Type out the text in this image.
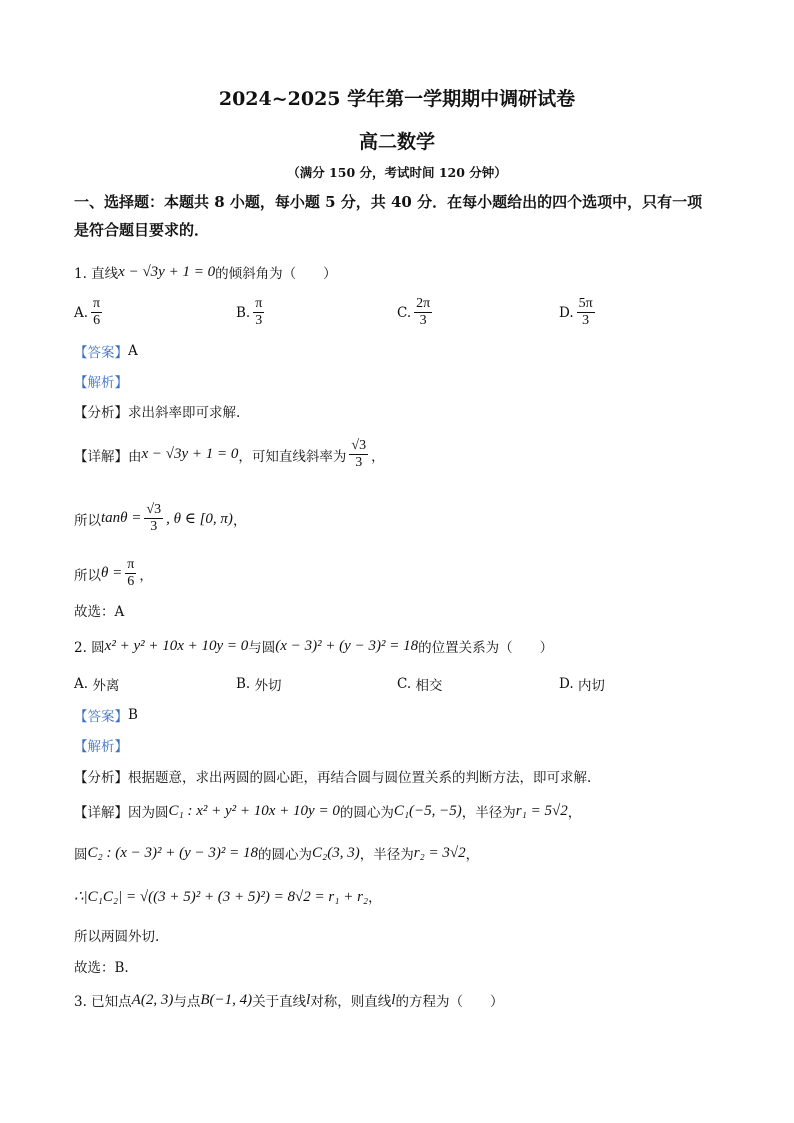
2024~2025 学年第一学期期中调研试卷
高二数学
（满分 150 分，考试时间 120 分钟）
一、选择题：本题共 8 小题，每小题 5 分，共 40 分．在每小题给出的四个选项中，只有一项
是符合题目要求的．
1. 直线 x − √3y + 1 = 0 的倾斜角为（　　）
A. $\frac{\pi}{6}$	B. $\frac{\pi}{3}$	C. $\frac{2\pi}{3}$	D. $\frac{5\pi}{3}$
【答案】 A
【解析】
【分析】 求出斜率即可求解.
【详解】 由 x − √3y + 1 = 0 ，可知直线斜率为 $\frac{√3}{3}$ ，
所以 $\tan\theta = \frac{√3}{3}$ , θ ∈ [0, π) ，
所以 $\theta = \frac{\pi}{6}$ ，
故选：A
2. 圆 x² + y² + 10x + 10y = 0 与圆 (x − 3)² + (y − 3)² = 18 的位置关系为（　　）
A.
外离	B.
外切	C.
相交	D.
内切
【答案】 B
【解析】
【分析】 根据题意，求出两圆的圆心距，再结合圆与圆位置关系的判断方法，即可求解.
【详解】 因为圆 C₁ : x² + y² + 10x + 10y = 0 的圆心为 C₁(−5, −5) ，半径为 r₁ = 5√2 ，
圆 C₂ : (x − 3)² + (y − 3)² = 18 的圆心为 C₂(3, 3) ，半径为 r₂ = 3√2 ，
∴|C₁C₂| = √((3 + 5)² + (3 + 5)²) = 8√2 = r₁ + r₂ ，
所以两圆外切.
故选：B.
3. 已知点 A(2, 3) 与点 B(−1, 4) 关于直线 l 对称，则直线 l 的方程为（　　）
